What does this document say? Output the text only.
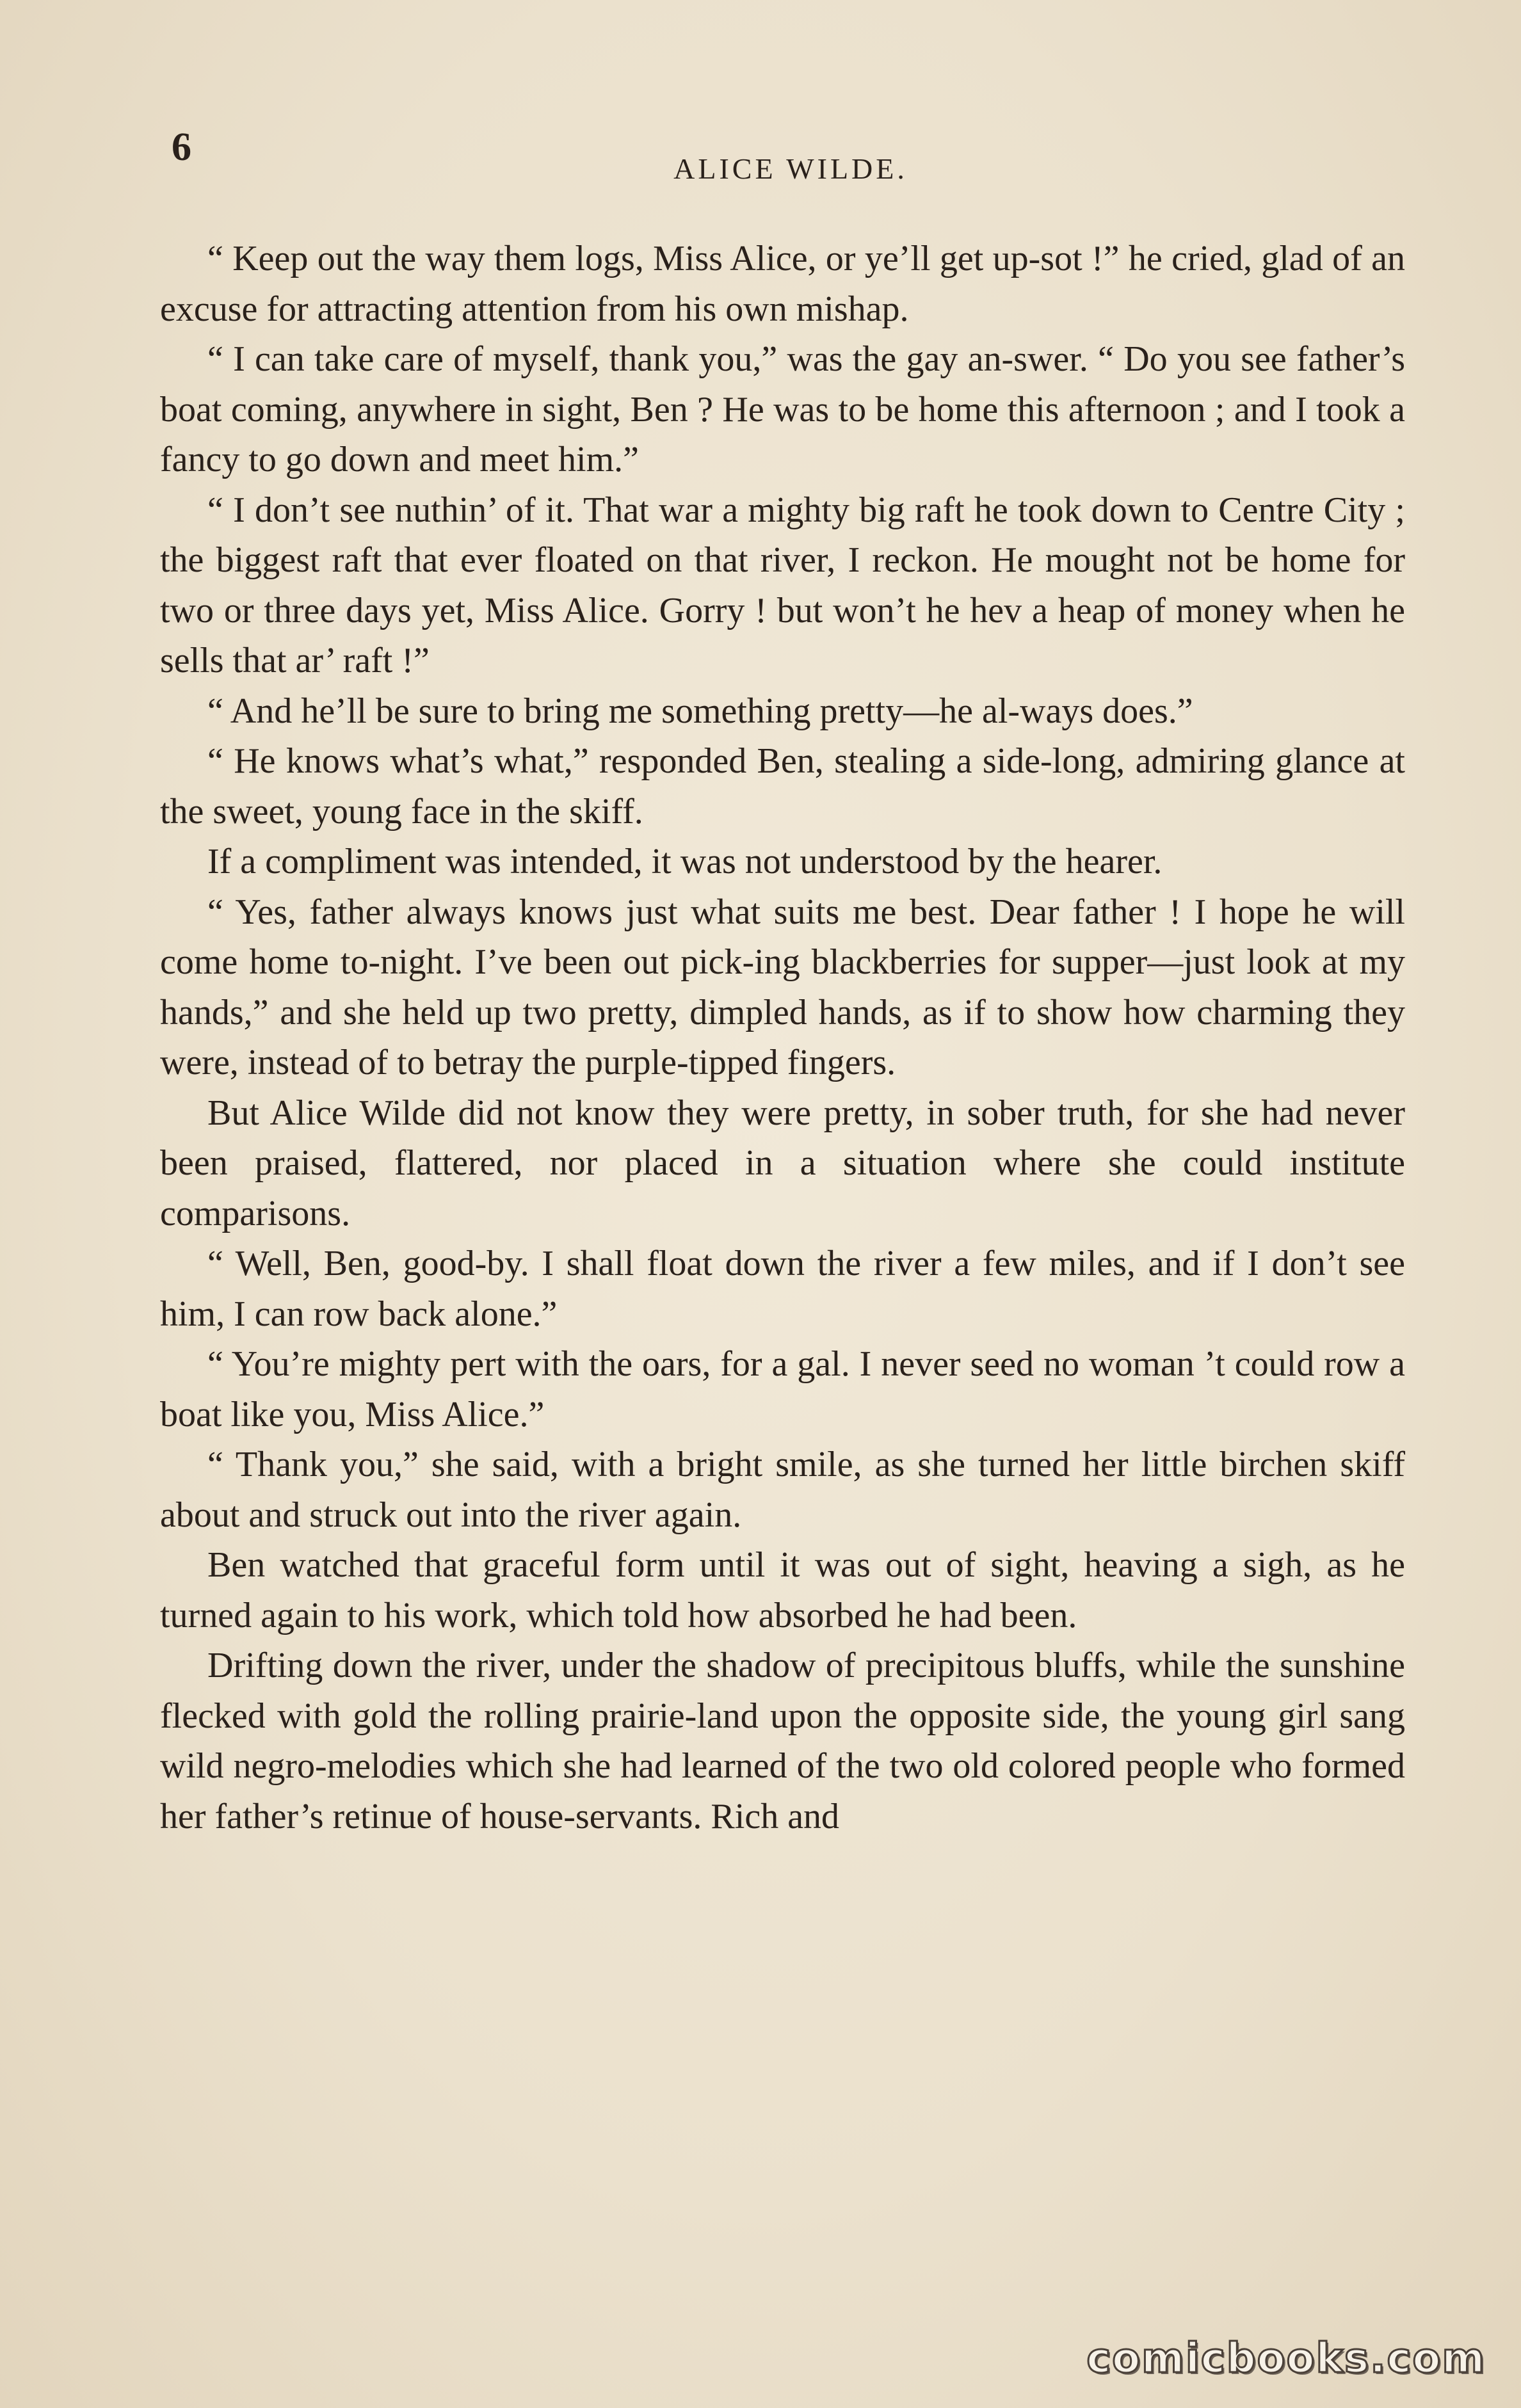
6	ALICE WILDE.

“ Keep out the way them logs, Miss Alice, or ye’ll get up-sot !” he cried, glad of an excuse for attracting attention from his own mishap.

“ I can take care of myself, thank you,” was the gay an-swer. “ Do you see father’s boat coming, anywhere in sight, Ben ? He was to be home this afternoon ; and I took a fancy to go down and meet him.”

“ I don’t see nuthin’ of it. That war a mighty big raft he took down to Centre City ; the biggest raft that ever floated on that river, I reckon. He mought not be home for two or three days yet, Miss Alice. Gorry ! but won’t he hev a heap of money when he sells that ar’ raft !”

“ And he’ll be sure to bring me something pretty—he al-ways does.”

“ He knows what’s what,” responded Ben, stealing a side-long, admiring glance at the sweet, young face in the skiff.

If a compliment was intended, it was not understood by the hearer.

“ Yes, father always knows just what suits me best. Dear father ! I hope he will come home to-night. I’ve been out pick-ing blackberries for supper—just look at my hands,” and she held up two pretty, dimpled hands, as if to show how charming they were, instead of to betray the purple-tipped fingers.

But Alice Wilde did not know they were pretty, in sober truth, for she had never been praised, flattered, nor placed in a situation where she could institute comparisons.

“ Well, Ben, good-by. I shall float down the river a few miles, and if I don’t see him, I can row back alone.”

“ You’re mighty pert with the oars, for a gal. I never seed no woman ’t could row a boat like you, Miss Alice.”

“ Thank you,” she said, with a bright smile, as she turned her little birchen skiff about and struck out into the river again.

Ben watched that graceful form until it was out of sight, heaving a sigh, as he turned again to his work, which told how absorbed he had been.

Drifting down the river, under the shadow of precipitous bluffs, while the sunshine flecked with gold the rolling prairie-land upon the opposite side, the young girl sang wild negro-melodies which she had learned of the two old colored people who formed her father’s retinue of house-servants. Rich and

comicbooks.com
